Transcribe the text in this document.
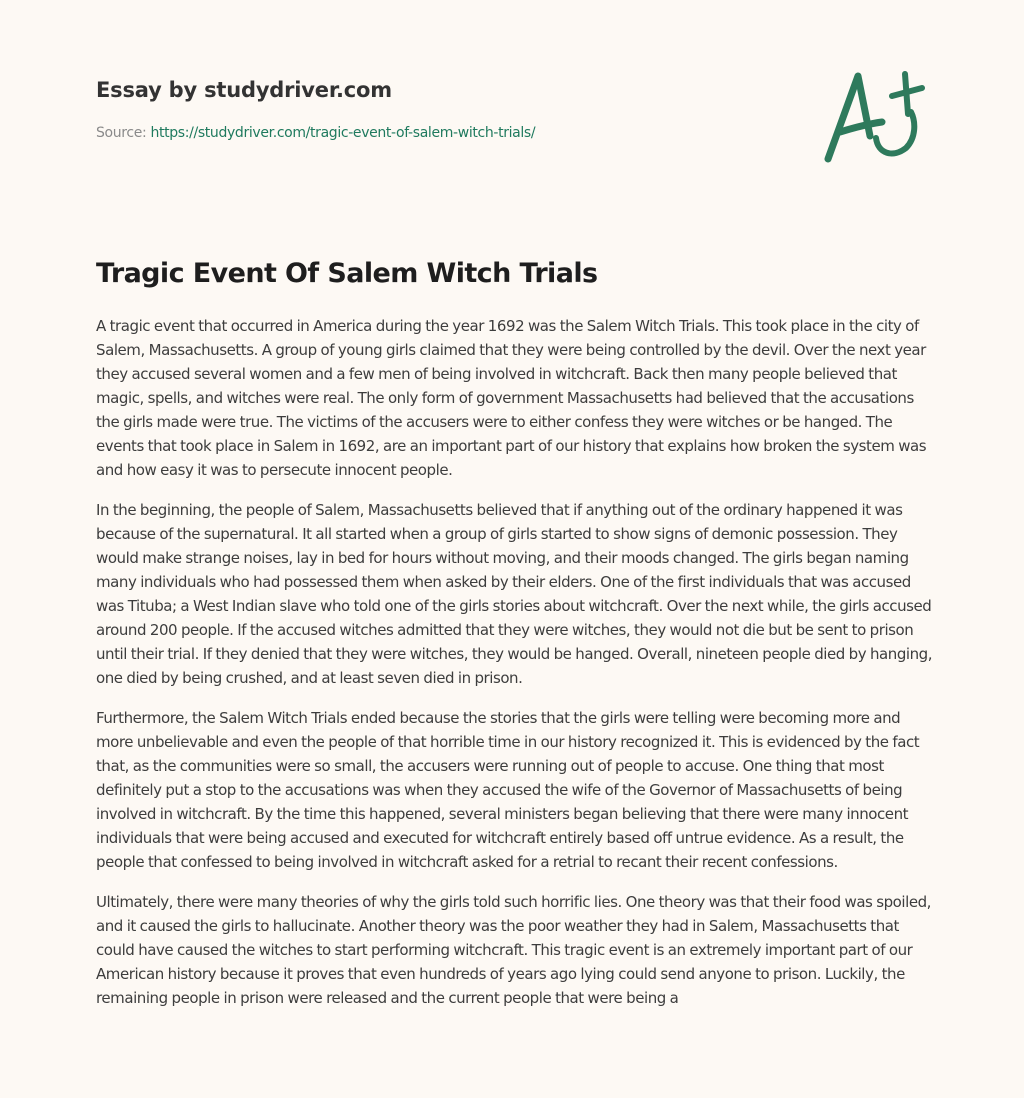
Essay by studydriver.com
Source: https://studydriver.com/tragic-event-of-salem-witch-trials/
Tragic Event Of Salem Witch Trials

A tragic event that occurred in America during the year 1692 was the Salem Witch Trials. This took place in the city of Salem, Massachusetts. A group of young girls claimed that they were being controlled by the devil. Over the next year they accused several women and a few men of being involved in witchcraft. Back then many people believed that magic, spells, and witches were real. The only form of government Massachusetts had believed that the accusations the girls made were true. The victims of the accusers were to either confess they were witches or be hanged. The events that took place in Salem in 1692, are an important part of our history that explains how broken the system was and how easy it was to persecute innocent people.

In the beginning, the people of Salem, Massachusetts believed that if anything out of the ordinary happened it was because of the supernatural. It all started when a group of girls started to show signs of demonic possession. They would make strange noises, lay in bed for hours without moving, and their moods changed. The girls began naming many individuals who had possessed them when asked by their elders. One of the first individuals that was accused was Tituba; a West Indian slave who told one of the girls stories about witchcraft. Over the next while, the girls accused around 200 people. If the accused witches admitted that they were witches, they would not die but be sent to prison until their trial. If they denied that they were witches, they would be hanged. Overall, nineteen people died by hanging, one died by being crushed, and at least seven died in prison.

Furthermore, the Salem Witch Trials ended because the stories that the girls were telling were becoming more and more unbelievable and even the people of that horrible time in our history recognized it. This is evidenced by the fact that, as the communities were so small, the accusers were running out of people to accuse. One thing that most definitely put a stop to the accusations was when they accused the wife of the Governor of Massachusetts of being involved in witchcraft. By the time this happened, several ministers began believing that there were many innocent individuals that were being accused and executed for witchcraft entirely based off untrue evidence. As a result, the people that confessed to being involved in witchcraft asked for a retrial to recant their recent confessions.

Ultimately, there were many theories of why the girls told such horrific lies. One theory was that their food was spoiled, and it caused the girls to hallucinate. Another theory was the poor weather they had in Salem, Massachusetts that could have caused the witches to start performing witchcraft. This tragic event is an extremely important part of our American history because it proves that even hundreds of years ago lying could send anyone to prison. Luckily, the remaining people in prison were released and the current people that were being a
